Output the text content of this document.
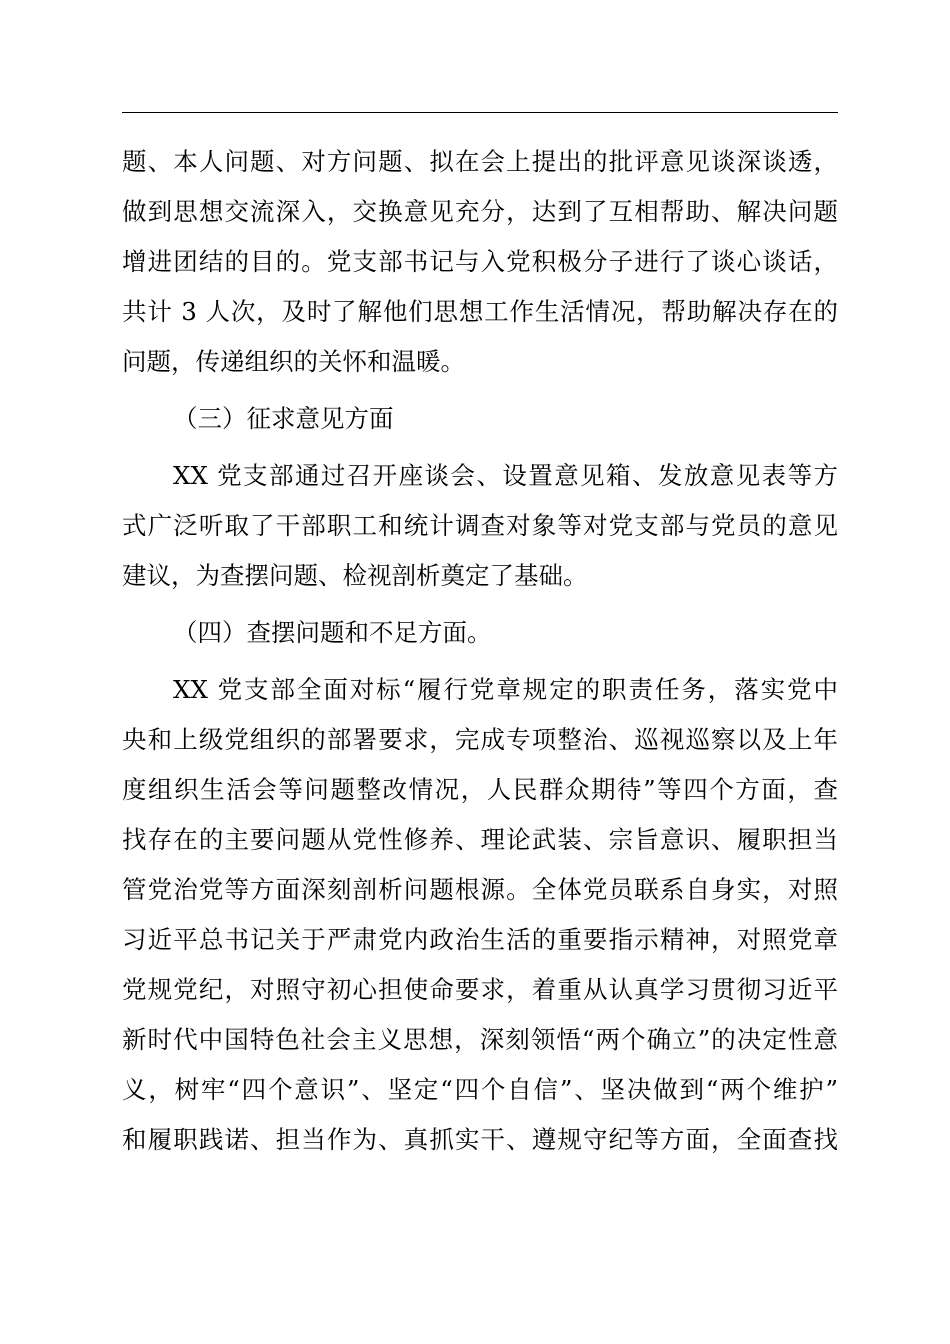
题、本人问题、对方问题、拟在会上提出的批评意见谈深谈透，
做到思想交流深入，交换意见充分，达到了互相帮助、解决问题
增进团结的目的。党支部书记与入党积极分子进行了谈心谈话，
共计 3 人次，及时了解他们思想工作生活情况，帮助解决存在的
问题，传递组织的关怀和温暖。
（三）征求意见方面
XX 党支部通过召开座谈会、设置意见箱、发放意见表等方
式广泛听取了干部职工和统计调查对象等对党支部与党员的意见
建议，为查摆问题、检视剖析奠定了基础。
（四）查摆问题和不足方面。
XX 党支部全面对标“履行党章规定的职责任务，落实党中
央和上级党组织的部署要求，完成专项整治、巡视巡察以及上年
度组织生活会等问题整改情况，人民群众期待”等四个方面，查
找存在的主要问题从党性修养、理论武装、宗旨意识、履职担当
管党治党等方面深刻剖析问题根源。全体党员联系自身实，对照
习近平总书记关于严肃党内政治生活的重要指示精神，对照党章
党规党纪，对照守初心担使命要求，着重从认真学习贯彻习近平
新时代中国特色社会主义思想，深刻领悟“两个确立”的决定性意
义，树牢“四个意识”、坚定“四个自信”、坚决做到“两个维护”
和履职践诺、担当作为、真抓实干、遵规守纪等方面，全面查找
